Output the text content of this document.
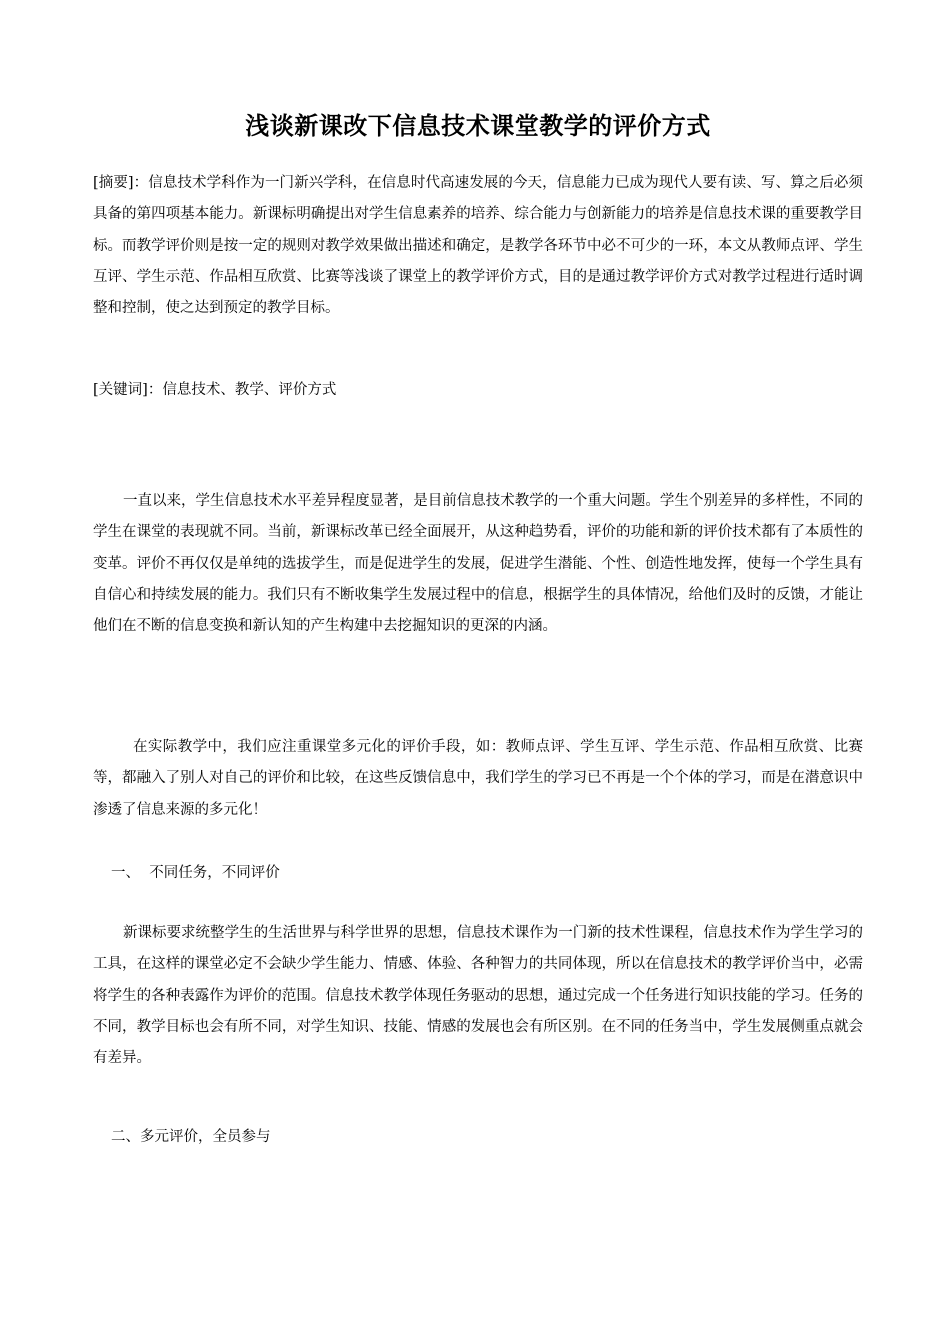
浅谈新课改下信息技术课堂教学的评价方式
[摘要]：信息技术学科作为一门新兴学科，在信息时代高速发展的今天，信息能力已成为现代人要有读、写、算之后必须具备的第四项基本能力。新课标明确提出对学生信息素养的培养、综合能力与创新能力的培养是信息技术课的重要教学目标。而教学评价则是按一定的规则对教学效果做出描述和确定，是教学各环节中必不可少的一环，本文从教师点评、学生互评、学生示范、作品相互欣赏、比赛等浅谈了课堂上的教学评价方式，目的是通过教学评价方式对教学过程进行适时调整和控制，使之达到预定的教学目标。
[关键词]：信息技术、教学、评价方式
一直以来，学生信息技术水平差异程度显著，是目前信息技术教学的一个重大问题。学生个别差异的多样性，不同的学生在课堂的表现就不同。当前，新课标改革已经全面展开，从这种趋势看，评价的功能和新的评价技术都有了本质性的变革。评价不再仅仅是单纯的选拔学生，而是促进学生的发展，促进学生潜能、个性、创造性地发挥，使每一个学生具有自信心和持续发展的能力。我们只有不断收集学生发展过程中的信息，根据学生的具体情况，给他们及时的反馈，才能让他们在不断的信息变换和新认知的产生构建中去挖掘知识的更深的内涵。
在实际教学中，我们应注重课堂多元化的评价手段，如：教师点评、学生互评、学生示范、作品相互欣赏、比赛等，都融入了别人对自己的评价和比较，在这些反馈信息中，我们学生的学习已不再是一个个体的学习，而是在潜意识中渗透了信息来源的多元化！
一、  不同任务，不同评价
新课标要求统整学生的生活世界与科学世界的思想，信息技术课作为一门新的技术性课程，信息技术作为学生学习的工具，在这样的课堂必定不会缺少学生能力、情感、体验、各种智力的共同体现，所以在信息技术的教学评价当中，必需将学生的各种表露作为评价的范围。信息技术教学体现任务驱动的思想，通过完成一个任务进行知识技能的学习。任务的不同，教学目标也会有所不同，对学生知识、技能、情感的发展也会有所区别。在不同的任务当中，学生发展侧重点就会有差异。
二、多元评价，全员参与
